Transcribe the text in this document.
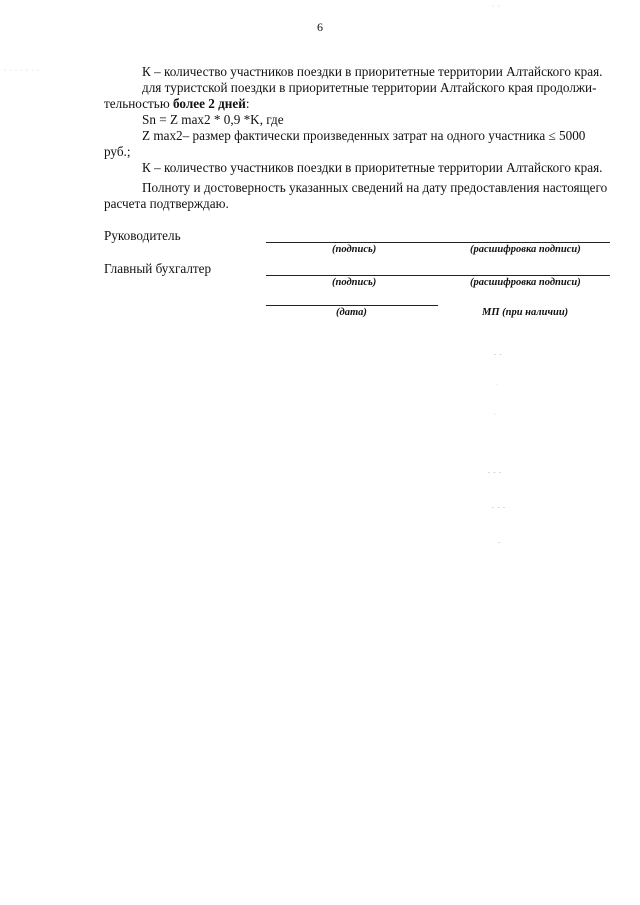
6
К – количество участников поездки в приоритетные территории Алтайского края.
для туристской поездки в приоритетные территории Алтайского края продолжи-
тельностью более 2 дней:
Sn = Z max2 * 0,9 *K, где
Z max2– размер фактически произведенных затрат на одного участника ≤ 5000
руб.;
К – количество участников поездки в приоритетные территории Алтайского края.
Полноту и достоверность указанных сведений на дату предоставления настоящего
расчета подтверждаю.
Руководитель
(подпись)	(расшифровка подписи)
Главный бухгалтер
(подпись)	(расшифровка подписи)
(дата)	МП (при наличии)
· ·
· · · · · · ·
- -
·
·
- - -
- - -
-
